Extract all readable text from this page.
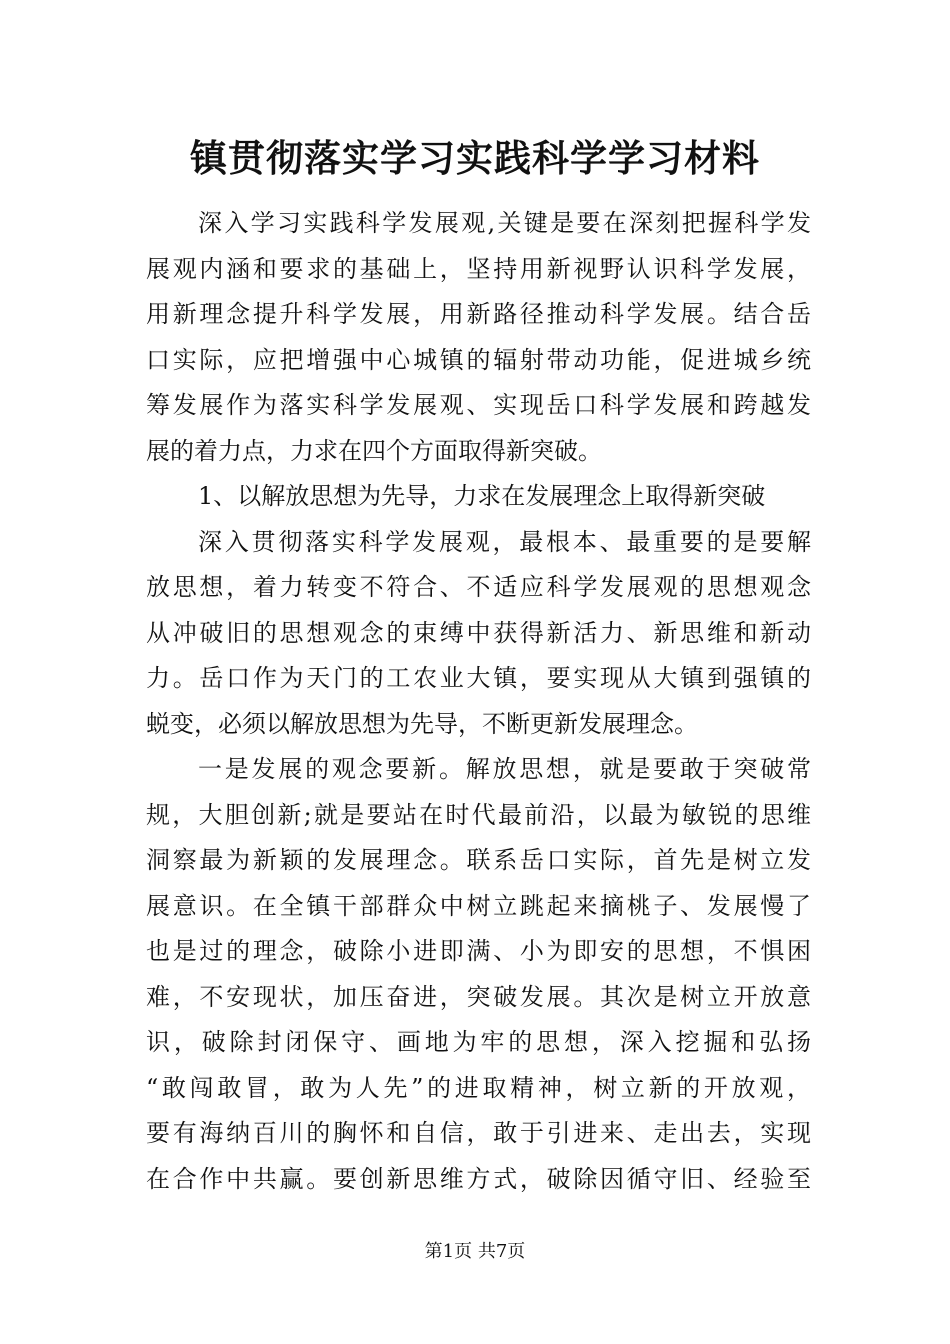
镇贯彻落实学习实践科学学习材料
深入学习实践科学发展观,关键是要在深刻把握科学发
展观内涵和要求的基础上，坚持用新视野认识科学发展，
用新理念提升科学发展，用新路径推动科学发展。结合岳
口实际，应把增强中心城镇的辐射带动功能，促进城乡统
筹发展作为落实科学发展观、实现岳口科学发展和跨越发
展的着力点，力求在四个方面取得新突破。
1、以解放思想为先导，力求在发展理念上取得新突破
深入贯彻落实科学发展观，最根本、最重要的是要解
放思想，着力转变不符合、不适应科学发展观的思想观念
从冲破旧的思想观念的束缚中获得新活力、新思维和新动
力。岳口作为天门的工农业大镇，要实现从大镇到强镇的
蜕变，必须以解放思想为先导，不断更新发展理念。
一是发展的观念要新。解放思想，就是要敢于突破常
规，大胆创新;就是要站在时代最前沿，以最为敏锐的思维
洞察最为新颖的发展理念。联系岳口实际，首先是树立发
展意识。在全镇干部群众中树立跳起来摘桃子、发展慢了
也是过的理念，破除小进即满、小为即安的思想，不惧困
难，不安现状，加压奋进，突破发展。其次是树立开放意
识，破除封闭保守、画地为牢的思想，深入挖掘和弘扬
“敢闯敢冒，敢为人先”的进取精神，树立新的开放观，
要有海纳百川的胸怀和自信，敢于引进来、走出去，实现
在合作中共赢。要创新思维方式，破除因循守旧、经验至
第1页 共7页
